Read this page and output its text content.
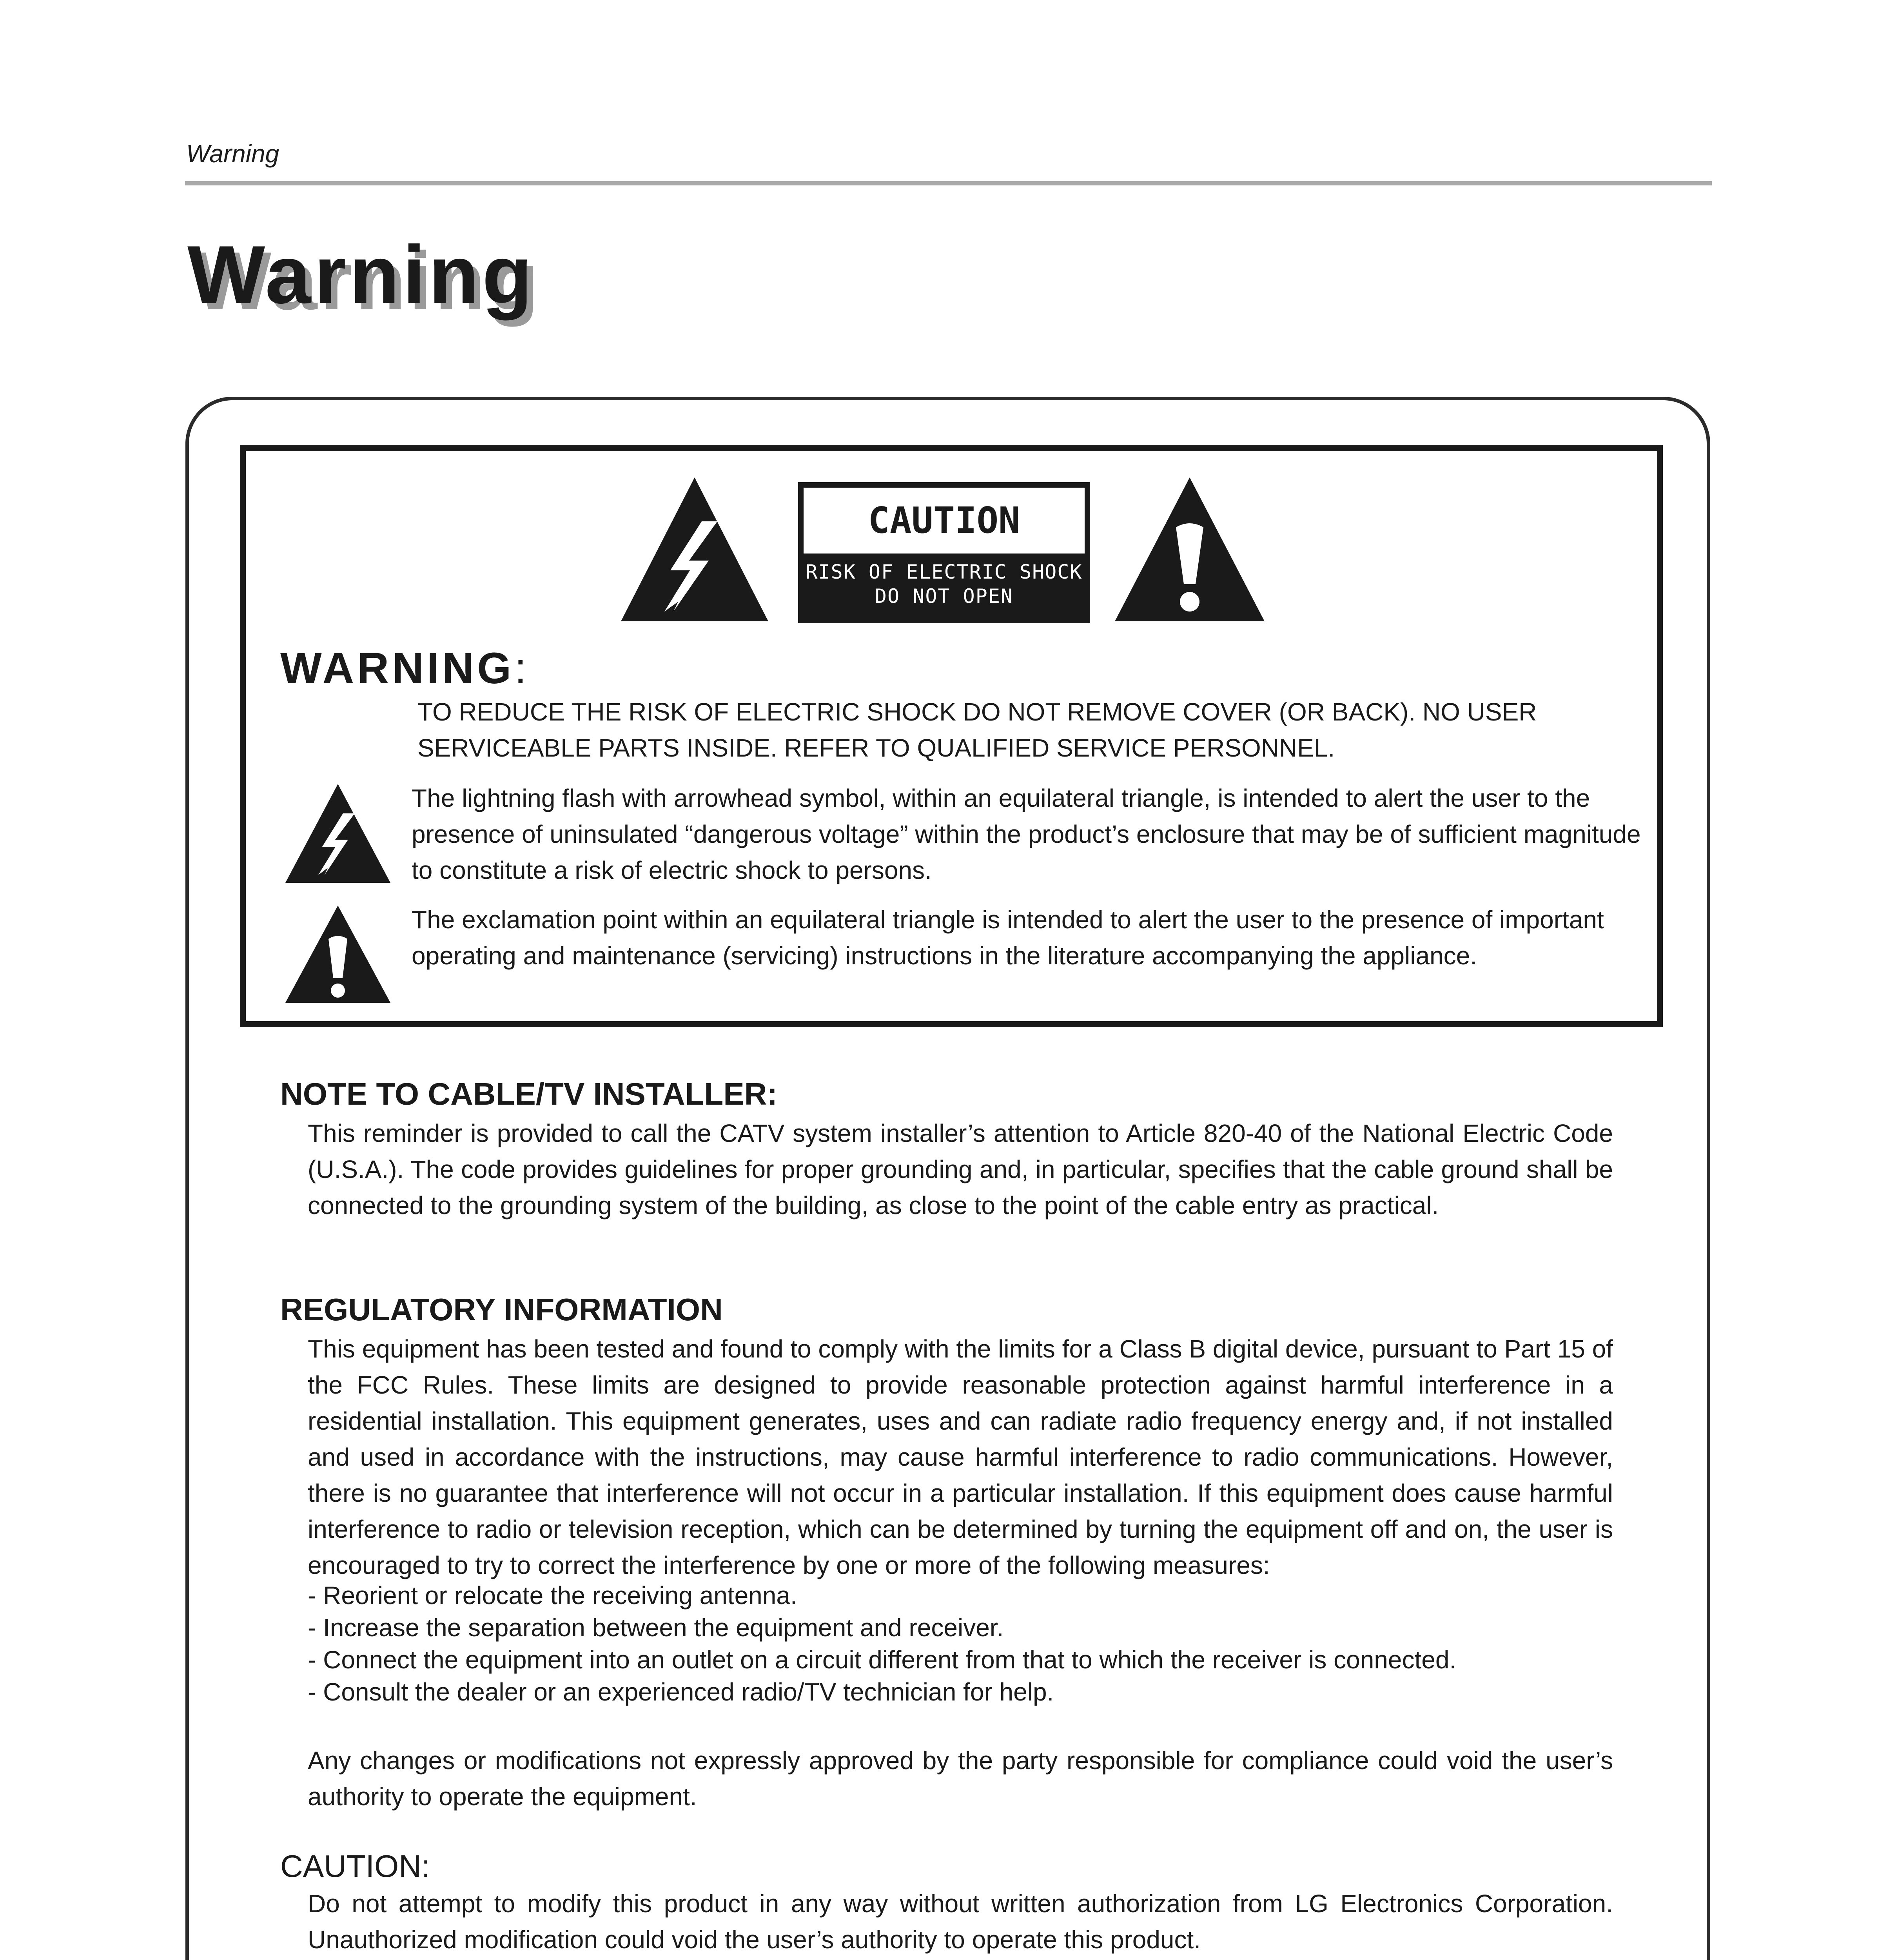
Warning
Warning
CAUTION
RISK OF ELECTRIC SHOCK
DO NOT OPEN
WARNING:
TO REDUCE THE RISK OF ELECTRIC SHOCK DO NOT REMOVE COVER (OR BACK). NO USER SERVICEABLE PARTS INSIDE. REFER TO QUALIFIED SERVICE PERSONNEL.
The lightning flash with arrowhead symbol, within an equilateral triangle, is intended to alert the user to the presence of uninsulated “dangerous voltage” within the product’s enclosure that may be of sufficient magnitude to constitute a risk of electric shock to persons.
The exclamation point within an equilateral triangle is intended to alert the user to the presence of important operating and maintenance (servicing) instructions in the literature accompanying the appliance.
NOTE TO CABLE/TV INSTALLER:
This reminder is provided to call the CATV system installer’s attention to Article 820-40 of the National Electric Code (U.S.A.). The code provides guidelines for proper grounding and, in particular, specifies that the cable ground shall be connected to the grounding system of the building, as close to the point of the cable entry as practical.
REGULATORY INFORMATION
This equipment has been tested and found to comply with the limits for a Class B digital device, pursuant to Part 15 of the FCC Rules. These limits are designed to provide reasonable protection against harmful interference in a residential installation. This equipment generates, uses and can radiate radio frequency energy and, if not installed and used in accordance with the instructions, may cause harmful interference to radio communications. However, there is no guarantee that interference will not occur in a particular installation. If this equipment does cause harmful interference to radio or television reception, which can be determined by turning the equipment off and on, the user is encouraged to try to correct the interference by one or more of the following measures:
- Reorient or relocate the receiving antenna.
- Increase the separation between the equipment and receiver.
- Connect the equipment into an outlet on a circuit different from that to which the receiver is connected.
- Consult the dealer or an experienced radio/TV technician for help.
Any changes or modifications not expressly approved by the party responsible for compliance could void the user’s authority to operate the equipment.
CAUTION:
Do not attempt to modify this product in any way without written authorization from LG Electronics Corporation. Unauthorized modification could void the user’s authority to operate this product.
